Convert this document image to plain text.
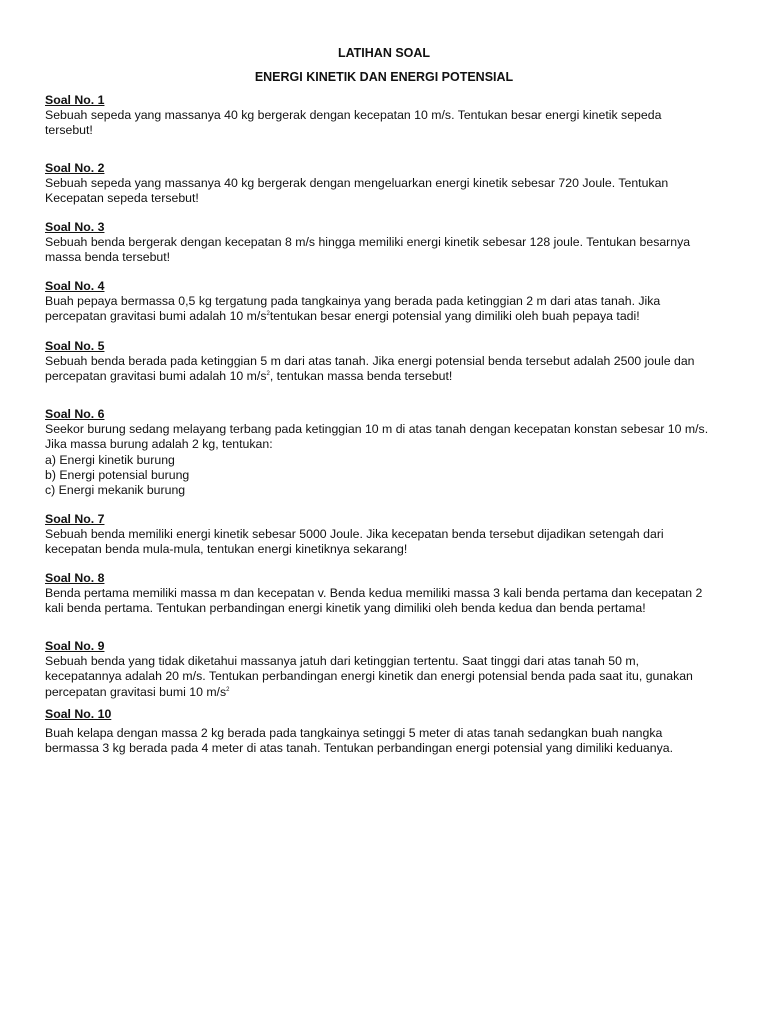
LATIHAN SOAL
ENERGI KINETIK DAN ENERGI POTENSIAL
Soal No. 1
Sebuah sepeda yang massanya 40 kg bergerak dengan kecepatan 10 m/s. Tentukan besar energi kinetik sepeda
tersebut!
Soal No. 2
Sebuah sepeda yang massanya 40 kg bergerak dengan mengeluarkan energi kinetik sebesar 720 Joule. Tentukan
Kecepatan sepeda tersebut!
Soal No. 3
Sebuah benda bergerak dengan kecepatan 8 m/s hingga memiliki energi kinetik sebesar 128 joule. Tentukan besarnya
massa benda tersebut!
Soal No. 4
Buah pepaya bermassa 0,5 kg tergatung pada tangkainya yang berada pada ketinggian 2 m dari atas tanah. Jika
percepatan gravitasi bumi adalah 10 $m/s^2tentukan$ besar energi potensial yang dimiliki oleh buah pepaya tadi!
Soal No. 5
Sebuah benda berada pada ketinggian 5 m dari atas tanah. Jika energi potensial benda tersebut adalah 2500 joule dan
percepatan gravitasi bumi adalah 10 $m/s^2$, tentukan massa benda tersebut!
Soal No. 6
Seekor burung sedang melayang terbang pada ketinggian 10 m di atas tanah dengan kecepatan konstan sebesar 10 m/s.
Jika massa burung adalah 2 kg, tentukan:
a) Energi kinetik burung
b) Energi potensial burung
c) Energi mekanik burung
Soal No. 7
Sebuah benda memiliki energi kinetik sebesar 5000 Joule. Jika kecepatan benda tersebut dijadikan setengah dari
kecepatan benda mula-mula, tentukan energi kinetiknya sekarang!
Soal No. 8
Benda pertama memiliki massa m dan kecepatan v. Benda kedua memiliki massa 3 kali benda pertama dan kecepatan 2
kali benda pertama. Tentukan perbandingan energi kinetik yang dimiliki oleh benda kedua dan benda pertama!
Soal No. 9
Sebuah benda yang tidak diketahui massanya jatuh dari ketinggian tertentu. Saat tinggi dari atas tanah 50 m,
kecepatannya adalah 20 m/s. Tentukan perbandingan energi kinetik dan energi potensial benda pada saat itu, gunakan
percepatan gravitasi bumi 10 $m/s^2$
Soal No. 10
Buah kelapa dengan massa 2 kg berada pada tangkainya setinggi 5 meter di atas tanah sedangkan buah nangka
bermassa 3 kg berada pada 4 meter di atas tanah. Tentukan perbandingan energi potensial yang dimiliki keduanya.
